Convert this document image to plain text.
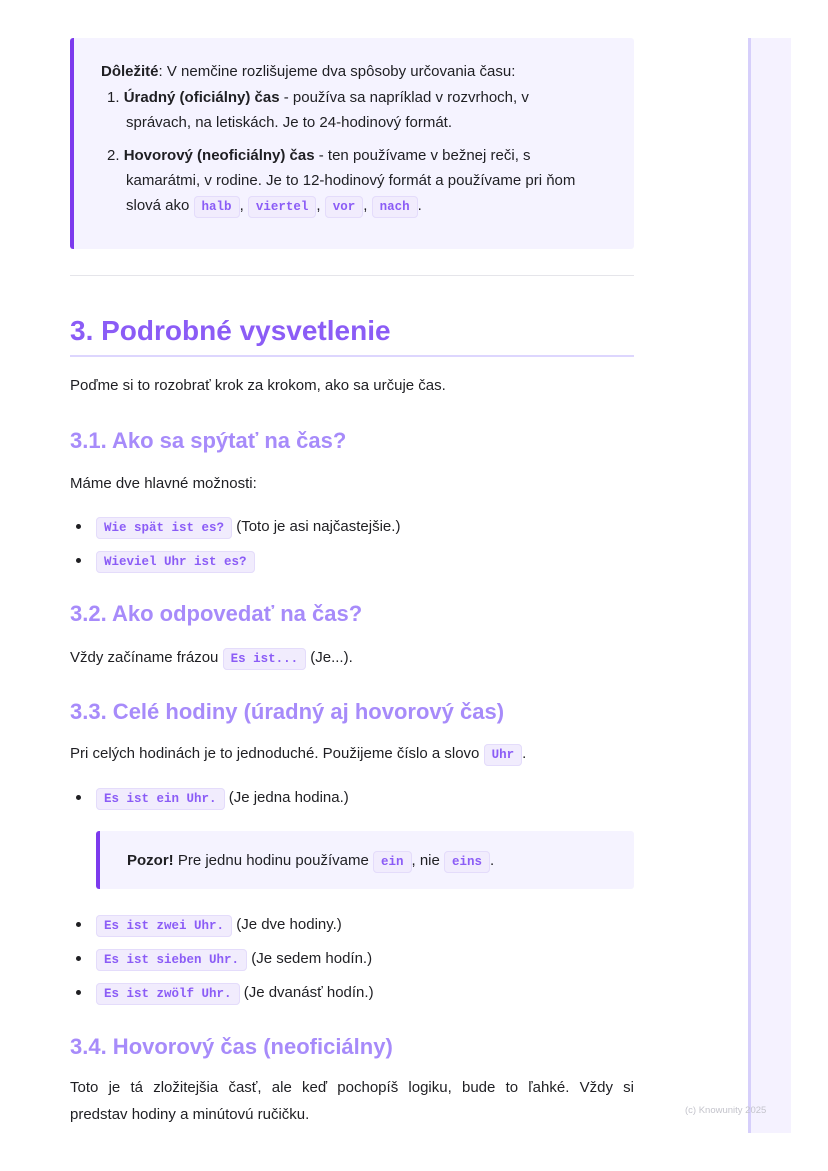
Dôležité: V nemčine rozlišujeme dva spôsoby určovania času:
1. Úradný (oficiálny) čas - používa sa napríklad v rozvrhoch, v
správach, na letiskách. Je to 24-hodinový formát.
2. Hovorový (neoficiálny) čas - ten používame v bežnej reči, s
kamarátmi, v rodine. Je to 12-hodinový formát a používame pri ňom
slová ako halb , viertel , vor , nach .
3. Podrobné vysvetlenie
Poďme si to rozobrať krok za krokom, ako sa určuje čas.
3.1. Ako sa spýtať na čas?
Máme dve hlavné možnosti:
Wie spät ist es? (Toto je asi najčastejšie.)
Wieviel Uhr ist es?
3.2. Ako odpovedať na čas?
Vždy začíname frázou Es ist... (Je...).
3.3. Celé hodiny (úradný aj hovorový čas)
Pri celých hodinách je to jednoduché. Použijeme číslo a slovo Uhr .
Es ist ein Uhr. (Je jedna hodina.)
Pozor! Pre jednu hodinu používame ein , nie eins .
Es ist zwei Uhr. (Je dve hodiny.)
Es ist sieben Uhr. (Je sedem hodín.)
Es ist zwölf Uhr. (Je dvanásť hodín.)
3.4. Hovorový čas (neoficiálny)
Toto je tá zložitejšia časť, ale keď pochopíš logiku, bude to ľahké. Vždy si
predstav hodiny a minútovú ručičku.	(c) Knowunity 2025
